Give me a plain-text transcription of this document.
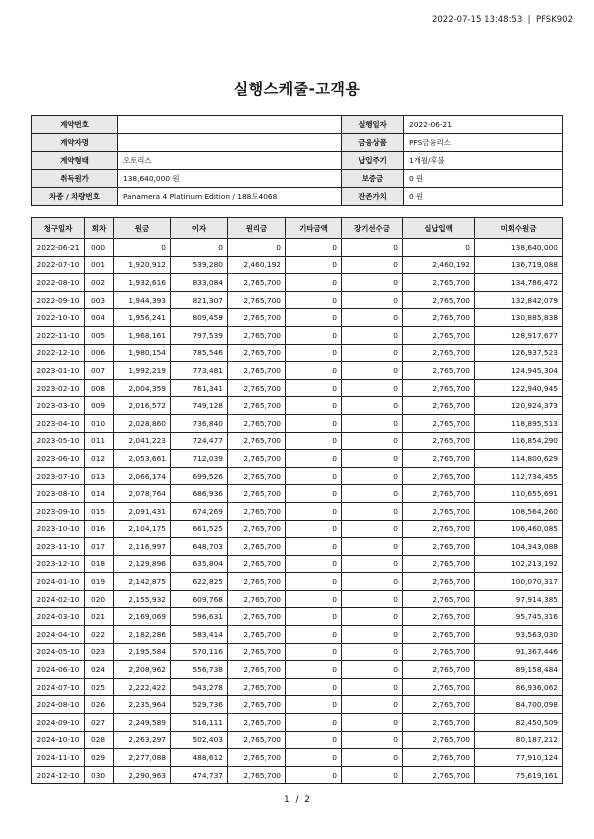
2022-07-15 13:48:53 | PFSK902
실행스케줄-고객용
계약번호		실행일자	2022-06-21
계약자명		금융상품	PFS금융리스
계약형태	오토리스	납입주기	1개월/후불
취득원가	138,640,000 원	보증금	0 원
차종 / 차량번호	Panamera 4 Platinum Edition / 188도4068	잔존가치	0 원
청구일자	회차	원금	이자	원리금	기타금액	장기선수금	실납입액	미회수원금
2022-06-21	000	0	0	0	0	0	0	138,640,000
2022-07-10	001	1,920,912	539,280	2,460,192	0	0	2,460,192	136,719,088
2022-08-10	002	1,932,616	833,084	2,765,700	0	0	2,765,700	134,786,472
2022-09-10	003	1,944,393	821,307	2,765,700	0	0	2,765,700	132,842,079
2022-10-10	004	1,956,241	809,459	2,765,700	0	0	2,765,700	130,885,838
2022-11-10	005	1,968,161	797,539	2,765,700	0	0	2,765,700	128,917,677
2022-12-10	006	1,980,154	785,546	2,765,700	0	0	2,765,700	126,937,523
2023-01-10	007	1,992,219	773,481	2,765,700	0	0	2,765,700	124,945,304
2023-02-10	008	2,004,359	761,341	2,765,700	0	0	2,765,700	122,940,945
2023-03-10	009	2,016,572	749,128	2,765,700	0	0	2,765,700	120,924,373
2023-04-10	010	2,028,860	736,840	2,765,700	0	0	2,765,700	118,895,513
2023-05-10	011	2,041,223	724,477	2,765,700	0	0	2,765,700	116,854,290
2023-06-10	012	2,053,661	712,039	2,765,700	0	0	2,765,700	114,800,629
2023-07-10	013	2,066,174	699,526	2,765,700	0	0	2,765,700	112,734,455
2023-08-10	014	2,078,764	686,936	2,765,700	0	0	2,765,700	110,655,691
2023-09-10	015	2,091,431	674,269	2,765,700	0	0	2,765,700	108,564,260
2023-10-10	016	2,104,175	661,525	2,765,700	0	0	2,765,700	106,460,085
2023-11-10	017	2,116,997	648,703	2,765,700	0	0	2,765,700	104,343,088
2023-12-10	018	2,129,896	635,804	2,765,700	0	0	2,765,700	102,213,192
2024-01-10	019	2,142,875	622,825	2,765,700	0	0	2,765,700	100,070,317
2024-02-10	020	2,155,932	609,768	2,765,700	0	0	2,765,700	97,914,385
2024-03-10	021	2,169,069	596,631	2,765,700	0	0	2,765,700	95,745,316
2024-04-10	022	2,182,286	583,414	2,765,700	0	0	2,765,700	93,563,030
2024-05-10	023	2,195,584	570,116	2,765,700	0	0	2,765,700	91,367,446
2024-06-10	024	2,208,962	556,738	2,765,700	0	0	2,765,700	89,158,484
2024-07-10	025	2,222,422	543,278	2,765,700	0	0	2,765,700	86,936,062
2024-08-10	026	2,235,964	529,736	2,765,700	0	0	2,765,700	84,700,098
2024-09-10	027	2,249,589	516,111	2,765,700	0	0	2,765,700	82,450,509
2024-10-10	028	2,263,297	502,403	2,765,700	0	0	2,765,700	80,187,212
2024-11-10	029	2,277,088	488,612	2,765,700	0	0	2,765,700	77,910,124
2024-12-10	030	2,290,963	474,737	2,765,700	0	0	2,765,700	75,619,161
1 / 2
